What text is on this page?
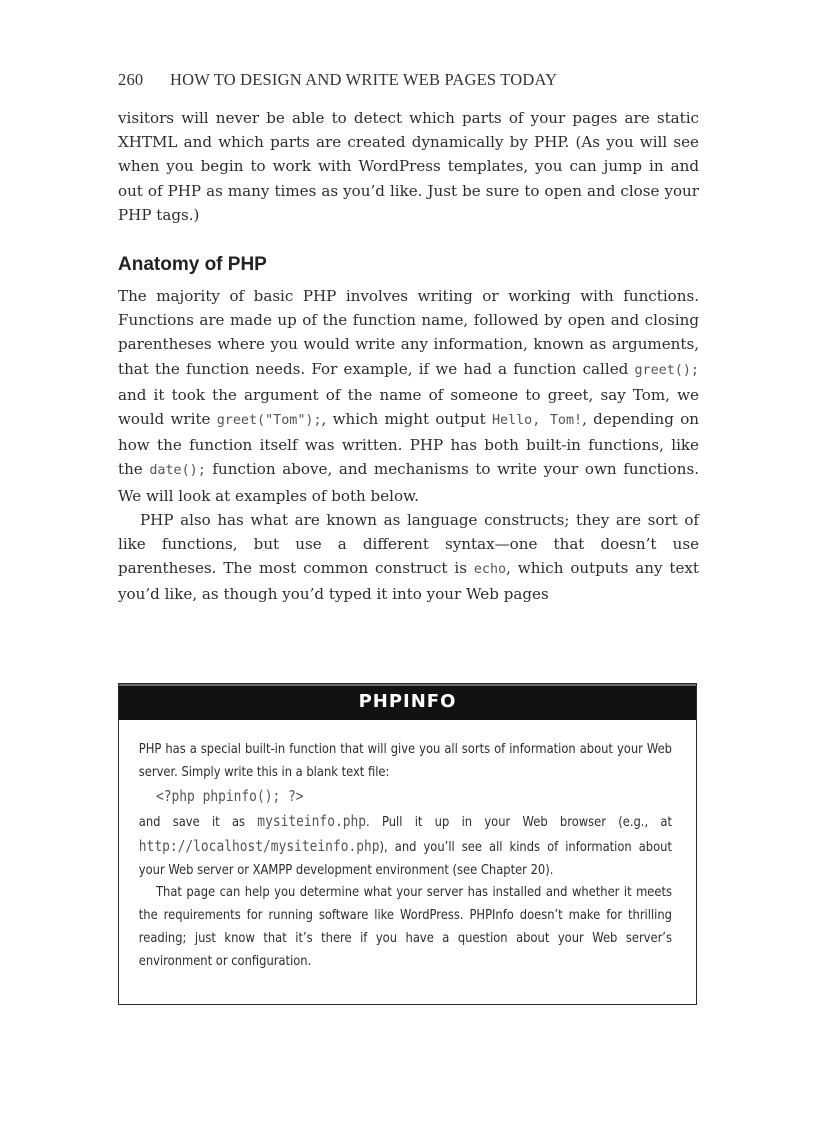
260 HOW TO DESIGN AND WRITE WEB PAGES TODAY

visitors will never be able to detect which parts of your pages are static XHTML and which parts are created dynamically by PHP. (As you will see when you begin to work with WordPress templates, you can jump in and out of PHP as many times as you’d like. Just be sure to open and close your PHP tags.)

Anatomy of PHP

The majority of basic PHP involves writing or working with functions. Functions are made up of the function name, followed by open and closing parentheses where you would write any information, known as arguments, that the function needs. For example, if we had a function called greet(); and it took the argument of the name of someone to greet, say Tom, we would write greet("Tom");, which might output Hello, Tom!, depending on how the function itself was written. PHP has both built-in functions, like the date(); function above, and mechanisms to write your own functions. We will look at examples of both below.

PHP also has what are known as language constructs; they are sort of like functions, but use a different syntax—one that doesn’t use parentheses. The most common construct is echo, which outputs any text you’d like, as though you’d typed it into your Web pages

PHPINFO

PHP has a special built-in function that will give you all sorts of information about your Web server. Simply write this in a blank text file:

<?php phpinfo(); ?>

and save it as mysiteinfo.php. Pull it up in your Web browser (e.g., at http://localhost/mysiteinfo.php), and you’ll see all kinds of information about your Web server or XAMPP development environment (see Chapter 20).

That page can help you determine what your server has installed and whether it meets the requirements for running software like WordPress. PHPInfo doesn’t make for thrilling reading; just know that it’s there if you have a question about your Web server’s environment or configuration.
